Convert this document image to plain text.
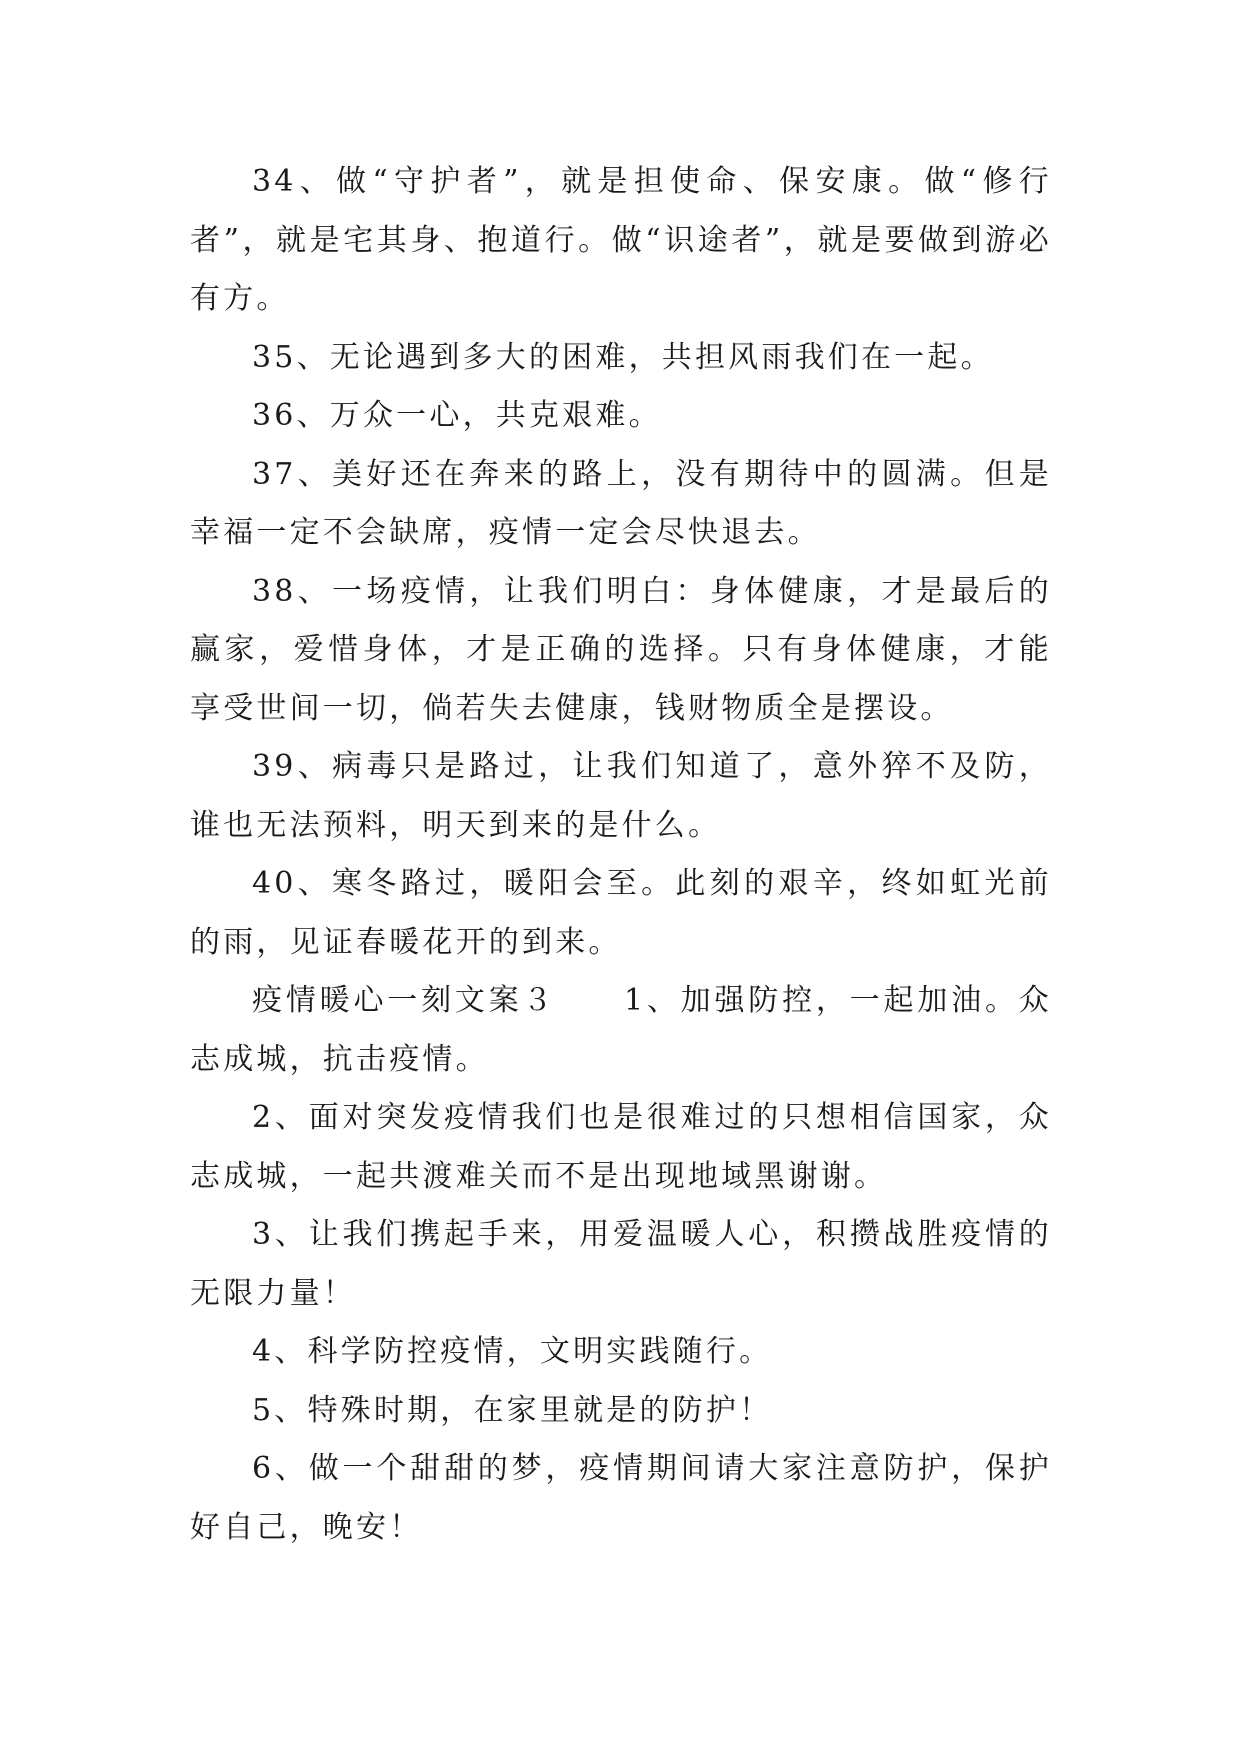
34、做“守护者”，就是担使命、保安康。做“修行者”，就是宅其身、抱道行。做“识途者”，就是要做到游必有方。

35、无论遇到多大的困难，共担风雨我们在一起。

36、万众一心，共克艰难。

37、美好还在奔来的路上，没有期待中的圆满。但是幸福一定不会缺席，疫情一定会尽快退去。

38、一场疫情，让我们明白：身体健康，才是最后的赢家，爱惜身体，才是正确的选择。只有身体健康，才能享受世间一切，倘若失去健康，钱财物质全是摆设。

39、病毒只是路过，让我们知道了，意外猝不及防，谁也无法预料，明天到来的是什么。

40、寒冬路过，暖阳会至。此刻的艰辛，终如虹光前的雨，见证春暖花开的到来。

疫情暖心一刻文案３　　1、加强防控，一起加油。众志成城，抗击疫情。

2、面对突发疫情我们也是很难过的只想相信国家，众志成城，一起共渡难关而不是出现地域黑谢谢。

3、让我们携起手来，用爱温暖人心，积攒战胜疫情的无限力量！

4、科学防控疫情，文明实践随行。

5、特殊时期，在家里就是的防护！

6、做一个甜甜的梦，疫情期间请大家注意防护，保护好自己，晚安！
